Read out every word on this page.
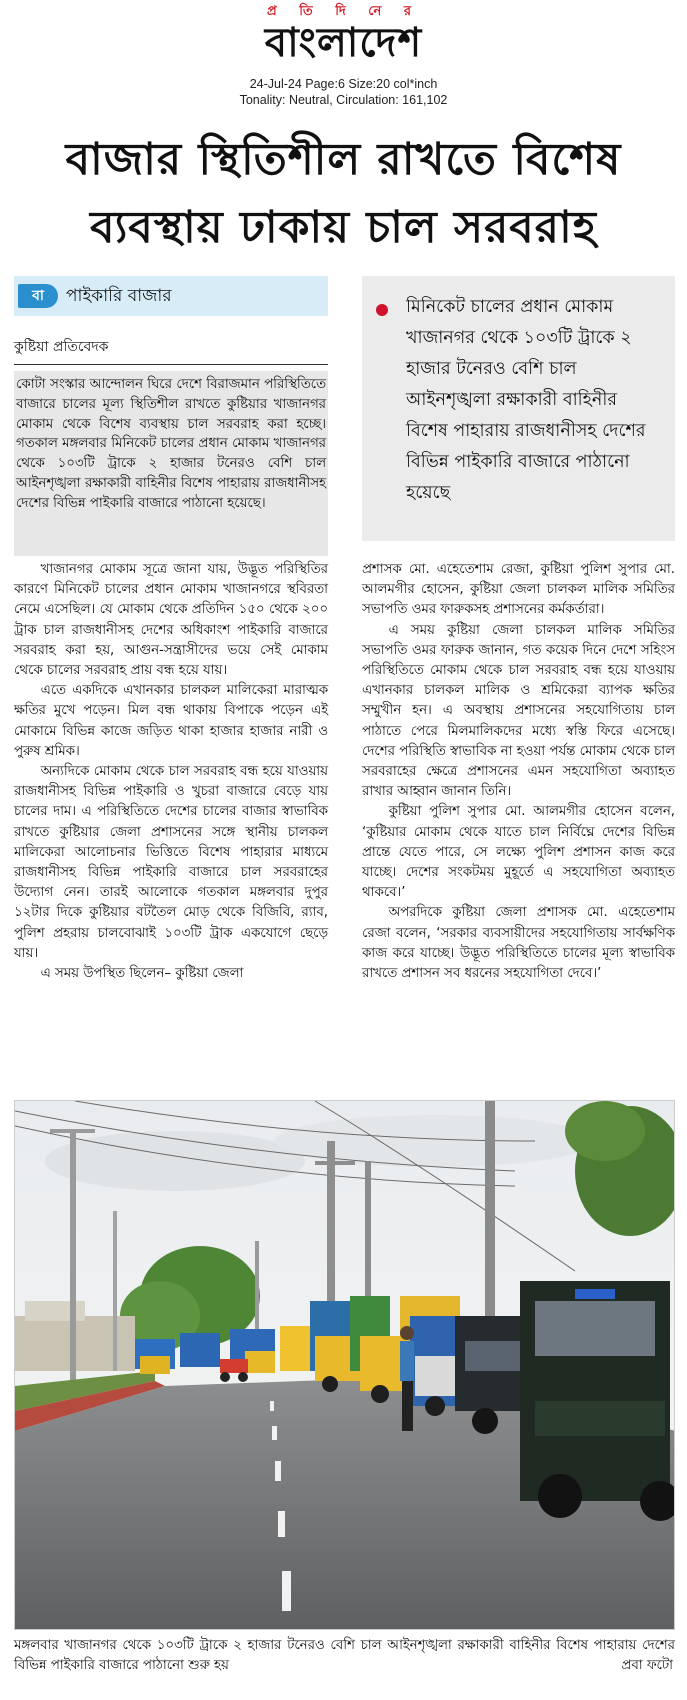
প্র তি দি নে র
বাংলাদেশ
24-Jul-24 Page:6 Size:20 col*inch
Tonality: Neutral, Circulation: 161,102
বাজার স্থিতিশীল রাখতে বিশেষ
ব্যবস্থায় ঢাকায় চাল সরবরাহ
বা	পাইকারি বাজার
কুষ্টিয়া প্রতিবেদক
কোটা সংস্কার আন্দোলন ঘিরে দেশে বিরাজমান পরিস্থিতিতে বাজারে চালের মূল্য স্থিতিশীল রাখতে কুষ্টিয়ার খাজানগর মোকাম থেকে বিশেষ ব্যবস্থায় চাল সরবরাহ করা হচ্ছে। গতকাল মঙ্গলবার মিনিকেট চালের প্রধান মোকাম খাজানগর থেকে ১০৩টি ট্রাকে ২ হাজার টনেরও বেশি চাল আইনশৃঙ্খলা রক্ষাকারী বাহিনীর বিশেষ পাহারায় রাজধানীসহ দেশের বিভিন্ন পাইকারি বাজারে পাঠানো হয়েছে।
মিনিকেট চালের প্রধান মোকাম খাজানগর থেকে ১০৩টি ট্রাকে ২ হাজার টনেরও বেশি চাল আইনশৃঙ্খলা রক্ষাকারী বাহিনীর বিশেষ পাহারায় রাজধানীসহ দেশের বিভিন্ন পাইকারি বাজারে পাঠানো হয়েছে

খাজানগর মোকাম সূত্রে জানা যায়, উদ্ভূত পরিস্থিতির কারণে মিনিকেট চালের প্রধান মোকাম খাজানগরে স্থবিরতা নেমে এসেছিল। যে মোকাম থেকে প্রতিদিন ১৫০ থেকে ২০০ ট্রাক চাল রাজধানীসহ দেশের অধিকাংশ পাইকারি বাজারে সরবরাহ করা হয়, আগুন-সন্ত্রাসীদের ভয়ে সেই মোকাম থেকে চালের সরবরাহ প্রায় বন্ধ হয়ে যায়।

এতে একদিকে এখানকার চালকল মালিকেরা মারাত্মক ক্ষতির মুখে পড়েন। মিল বন্ধ থাকায় বিপাকে পড়েন এই মোকামে বিভিন্ন কাজে জড়িত থাকা হাজার হাজার নারী ও পুরুষ শ্রমিক।

অন্যদিকে মোকাম থেকে চাল সরবরাহ বন্ধ হয়ে যাওয়ায় রাজধানীসহ বিভিন্ন পাইকারি ও খুচরা বাজারে বেড়ে যায় চালের দাম। এ পরিস্থিতিতে দেশের চালের বাজার স্বাভাবিক রাখতে কুষ্টিয়ার জেলা প্রশাসনের সঙ্গে স্থানীয় চালকল মালিকেরা আলোচনার ভিত্তিতে বিশেষ পাহারার মাধ্যমে রাজধানীসহ বিভিন্ন পাইকারি বাজারে চাল সরবরাহের উদ্যোগ নেন। তারই আলোকে গতকাল মঙ্গলবার দুপুর ১২টার দিকে কুষ্টিয়ার বটতৈল মোড় থেকে বিজিবি, র‍্যাব, পুলিশ প্রহরায় চালবোঝাই ১০৩টি ট্রাক একযোগে ছেড়ে যায়।

এ সময় উপস্থিত ছিলেন– কুষ্টিয়া জেলা

প্রশাসক মো. এহেতেশাম রেজা, কুষ্টিয়া পুলিশ সুপার মো. আলমগীর হোসেন, কুষ্টিয়া জেলা চালকল মালিক সমিতির সভাপতি ওমর ফারুকসহ প্রশাসনের কর্মকর্তারা।

এ সময় কুষ্টিয়া জেলা চালকল মালিক সমিতির সভাপতি ওমর ফারুক জানান, গত কয়েক দিনে দেশে সহিংস পরিস্থিতিতে মোকাম থেকে চাল সরবরাহ বন্ধ হয়ে যাওয়ায় এখানকার চালকল মালিক ও শ্রমিকেরা ব্যাপক ক্ষতির সম্মুখীন হন। এ অবস্থায় প্রশাসনের সহযোগিতায় চাল পাঠাতে পেরে মিলমালিকদের মধ্যে স্বস্তি ফিরে এসেছে। দেশের পরিস্থিতি স্বাভাবিক না হওয়া পর্যন্ত মোকাম থেকে চাল সরবরাহের ক্ষেত্রে প্রশাসনের এমন সহযোগিতা অব্যাহত রাখার আহ্বান জানান তিনি।

কুষ্টিয়া পুলিশ সুপার মো. আলমগীর হোসেন বলেন, ‘কুষ্টিয়ার মোকাম থেকে যাতে চাল নির্বিঘ্নে দেশের বিভিন্ন প্রান্তে যেতে পারে, সে লক্ষ্যে পুলিশ প্রশাসন কাজ করে যাচ্ছে। দেশের সংকটময় মুহূর্তে এ সহযোগিতা অব্যাহত থাকবে।’

অপরদিকে কুষ্টিয়া জেলা প্রশাসক মো. এহেতেশাম রেজা বলেন, ‘সরকার ব্যবসায়ীদের সহযোগিতায় সার্বক্ষণিক কাজ করে যাচ্ছে। উদ্ভূত পরিস্থিতিতে চালের মূল্য স্বাভাবিক রাখতে প্রশাসন সব ধরনের সহযোগিতা দেবে।’

মঙ্গলবার খাজানগর থেকে ১০৩টি ট্রাকে ২ হাজার টনেরও বেশি চাল আইনশৃঙ্খলা রক্ষাকারী বাহিনীর বিশেষ পাহারায় দেশের বিভিন্ন পাইকারি বাজারে পাঠানো শুরু হয়	প্রবা ফটো
